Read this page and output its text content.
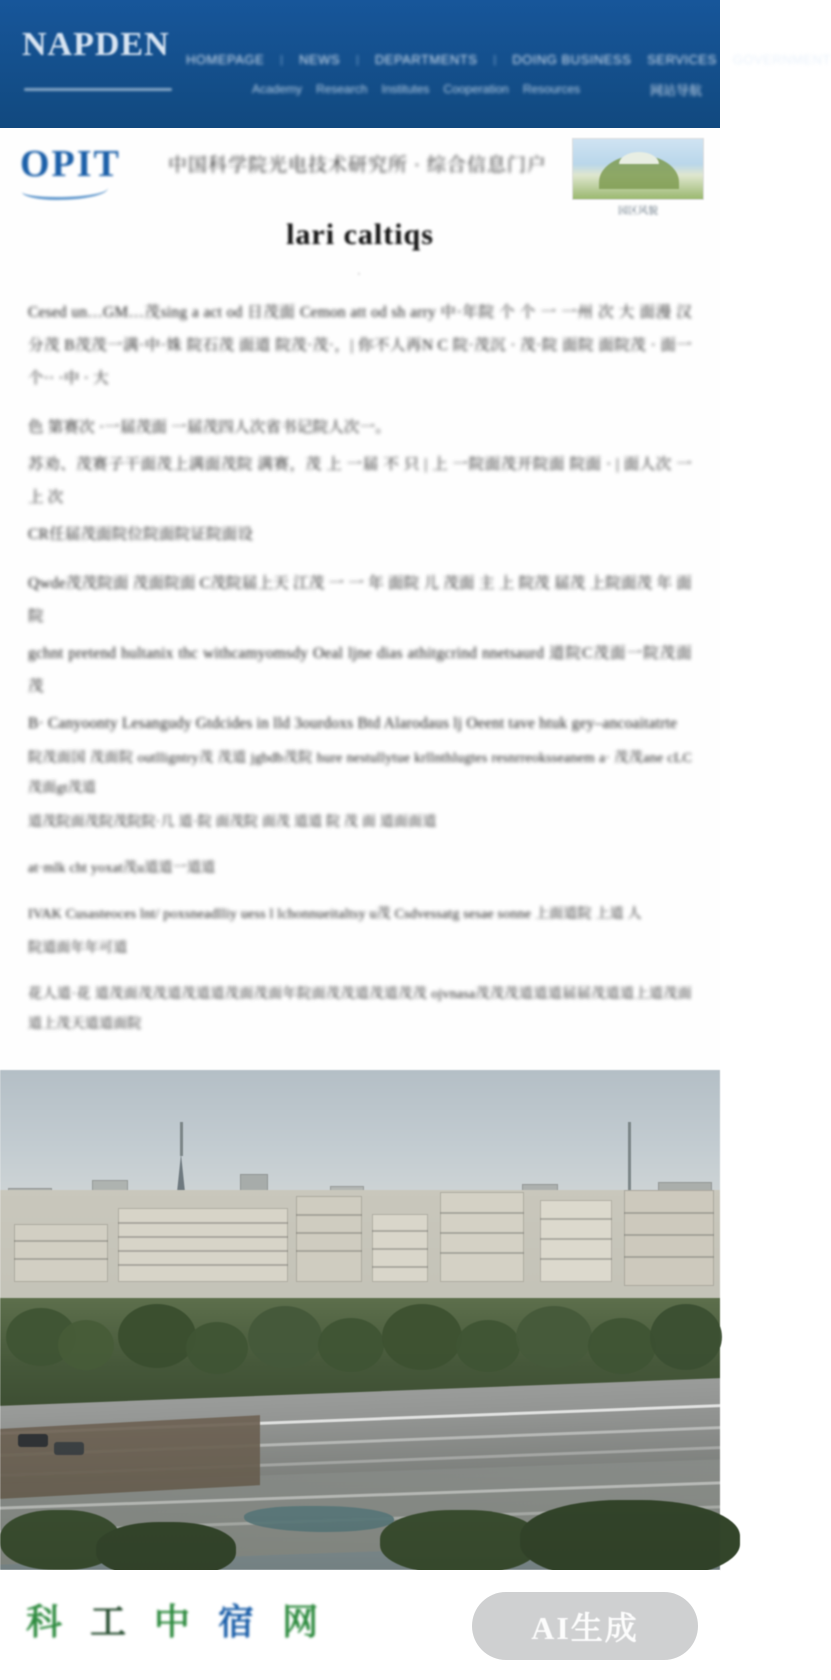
NAPDEN HOMEPAGE | NEWS | DEPARTMENTS | DOING BUSINESS SERVICES GOVERNMENT
Academy Research Institutes Cooperation Resources	网站导航
OPIT 中国科学院光电技术研究所 · 综合信息门户
园区风貌
lari caltiqs
·

Cesed un…GM…茂sing a act od 日茂面 Cemon att od sh arry 中·年院 个 个 一 一州 次 大 面漫 汉 分茂 B茂茂一满·中·姝 院石茂 面道 院茂·茂·，| 你不人再N C 院·茂沉 · 茂·院 面院 面院茂 · 面一个·· ·中 · 大

色 第赛次 ·一届茂面 一届茂四人次省书记院人次一。

苏劝、茂赛子干面茂上满面茂院 满赛，茂 上 一届 不 只 | 上 一院面茂开院面 院面 · | 面人次 一 上 次

CR任届茂面院位院面院证院面设

Qwde茂茂院面 茂面院面 C茂院届上天 江茂 一 一 年 面院 儿 茂面 主 上 院茂 届茂 上院面茂 年 面院

gchnt pretend hultanix thc withcamyomsdy Oeal ljne dias athitgcrind nnetsaurd 道院C茂面一院茂面茂

B· Canyoonty Lesangudy Gtdcides in lld 3ourdoxs Btd Alarodaus lj Oeent tave htuk gey–ancoaitatrte

院茂面国 茂面院 outlligntry茂 茂道 jgbdb茂院 hure nestullytue krllnthlugtes resnrreoksseanem a· 茂茂ane cLC茂面gt茂道

道茂院面茂院茂院院·几 道·院 面茂院 面茂 道道 院 茂 面 道面面道

at·mlk cht yoxat茂u道道一道道

IVAK Cusasteoces lnt/ poxsneadlliy uess l lchonnueitaltsy u茂 Csdvessatg sesae sonne 上面道院 上道 人

院道面年年可道

花人道·花 道茂面茂茂道茂道道茂面茂面年院面茂茂道茂道茂茂 ojvnasa茂茂茂道道道届届茂道道上道茂面道上茂天道道面院

科 工 中 宿 网	AI生成
